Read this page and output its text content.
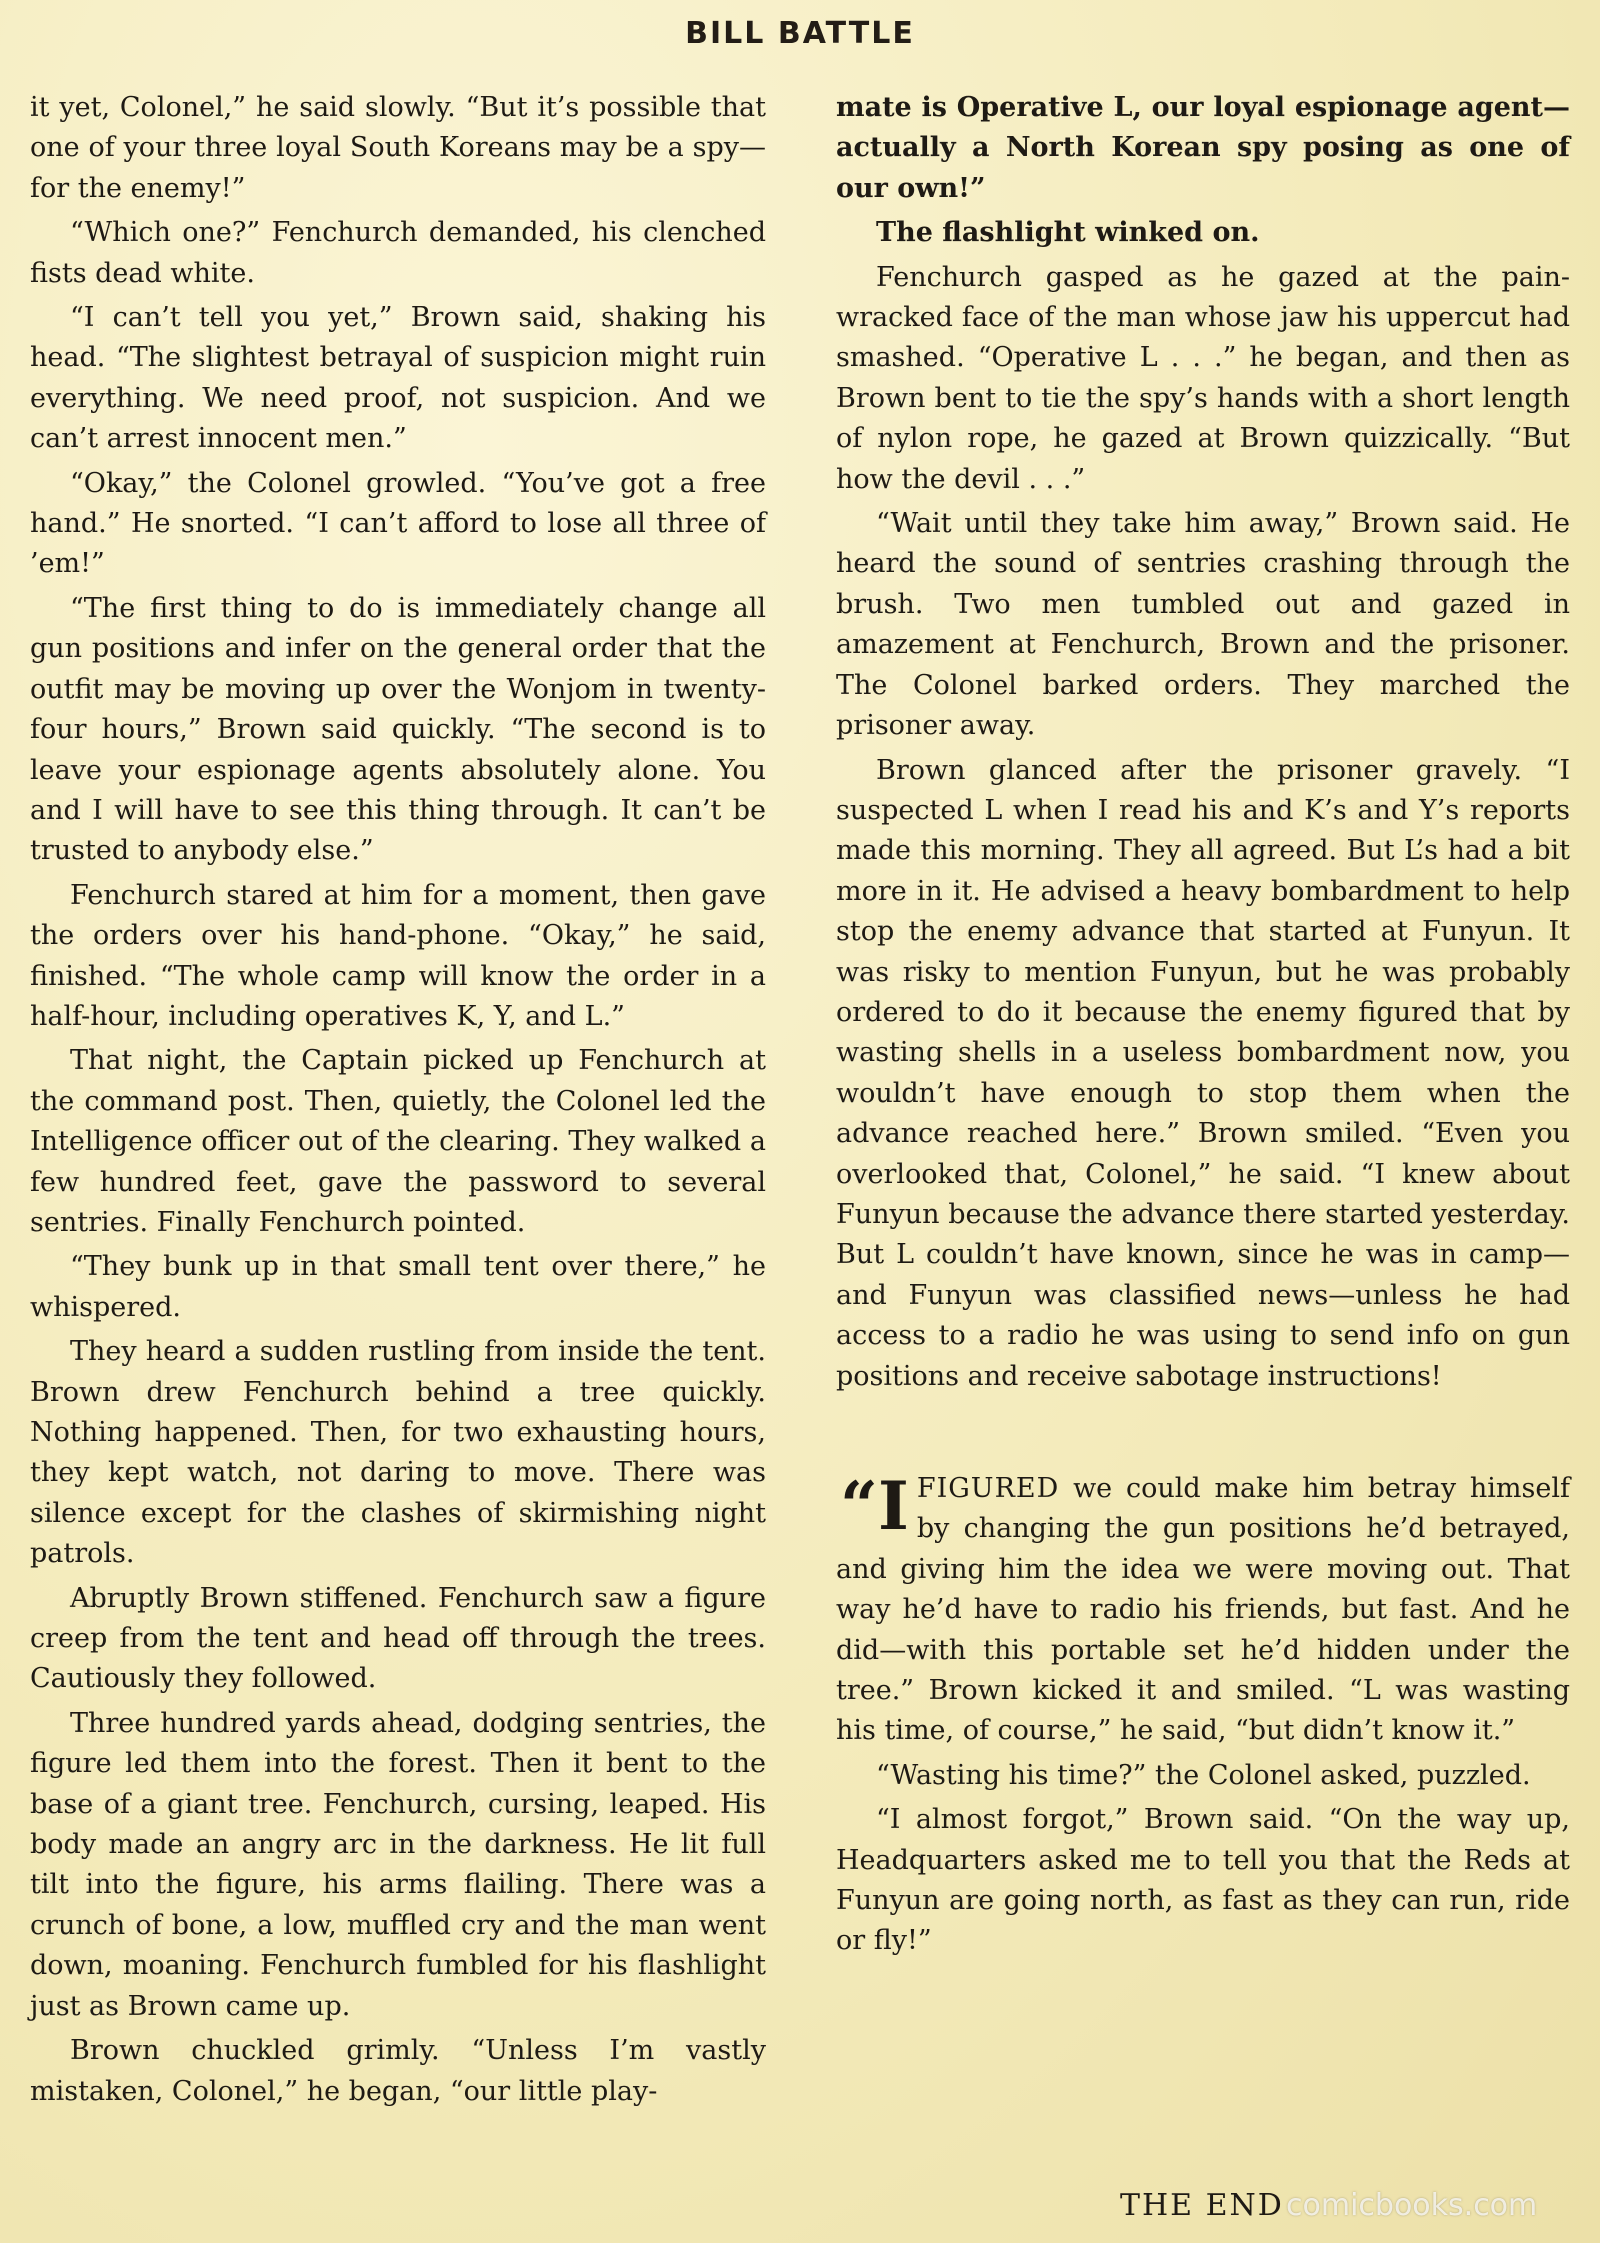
BILL BATTLE

it yet, Colonel,” he said slowly. “But it’s possible that one of your three loyal South Koreans may be a spy—for the enemy!”

“Which one?” Fenchurch demanded, his clenched fists dead white.

“I can’t tell you yet,” Brown said, shaking his head. “The slightest betrayal of suspicion might ruin everything. We need proof, not suspicion. And we can’t arrest innocent men.”

“Okay,” the Colonel growled. “You’ve got a free hand.” He snorted. “I can’t afford to lose all three of ’em!”

“The first thing to do is immediately change all gun positions and infer on the general order that the outfit may be moving up over the Wonjom in twenty-four hours,” Brown said quickly. “The second is to leave your espionage agents absolutely alone. You and I will have to see this thing through. It can’t be trusted to anybody else.”

Fenchurch stared at him for a moment, then gave the orders over his hand-phone. “Okay,” he said, finished. “The whole camp will know the order in a half-hour, including operatives K, Y, and L.”

That night, the Captain picked up Fenchurch at the command post. Then, quietly, the Colonel led the Intelligence officer out of the clearing. They walked a few hundred feet, gave the password to several sentries. Finally Fenchurch pointed.

“They bunk up in that small tent over there,” he whispered.

They heard a sudden rustling from inside the tent. Brown drew Fenchurch behind a tree quickly. Nothing happened. Then, for two exhausting hours, they kept watch, not daring to move. There was silence except for the clashes of skirmishing night patrols.

Abruptly Brown stiffened. Fenchurch saw a figure creep from the tent and head off through the trees. Cautiously they followed.

Three hundred yards ahead, dodging sentries, the figure led them into the forest. Then it bent to the base of a giant tree. Fenchurch, cursing, leaped. His body made an angry arc in the darkness. He lit full tilt into the figure, his arms flailing. There was a crunch of bone, a low, muffled cry and the man went down, moaning. Fenchurch fumbled for his flashlight just as Brown came up.

Brown chuckled grimly. “Unless I’m vastly mistaken, Colonel,” he began, “our little play-

mate is Operative L, our loyal espionage agent—actually a North Korean spy posing as one of our own!”

The flashlight winked on.

Fenchurch gasped as he gazed at the pain-wracked face of the man whose jaw his uppercut had smashed. “Operative L . . .” he began, and then as Brown bent to tie the spy’s hands with a short length of nylon rope, he gazed at Brown quizzically. “But how the devil . . .”

“Wait until they take him away,” Brown said. He heard the sound of sentries crashing through the brush. Two men tumbled out and gazed in amazement at Fenchurch, Brown and the prisoner. The Colonel barked orders. They marched the prisoner away.

Brown glanced after the prisoner gravely. “I suspected L when I read his and K’s and Y’s reports made this morning. They all agreed. But L’s had a bit more in it. He advised a heavy bombardment to help stop the enemy advance that started at Funyun. It was risky to mention Funyun, but he was probably ordered to do it because the enemy figured that by wasting shells in a useless bombardment now, you wouldn’t have enough to stop them when the advance reached here.” Brown smiled. “Even you overlooked that, Colonel,” he said. “I knew about Funyun because the advance there started yesterday. But L couldn’t have known, since he was in camp—and Funyun was classified news—unless he had access to a radio he was using to send info on gun positions and receive sabotage instructions!

“IFIGURED we could make him betray himself by changing the gun positions he’d betrayed, and giving him the idea we were moving out. That way he’d have to radio his friends, but fast. And he did—with this portable set he’d hidden under the tree.” Brown kicked it and smiled. “L was wasting his time, of course,” he said, “but didn’t know it.”

“Wasting his time?” the Colonel asked, puzzled.

“I almost forgot,” Brown said. “On the way up, Headquarters asked me to tell you that the Reds at Funyun are going north, as fast as they can run, ride or fly!”

THE END comicbooks.com
